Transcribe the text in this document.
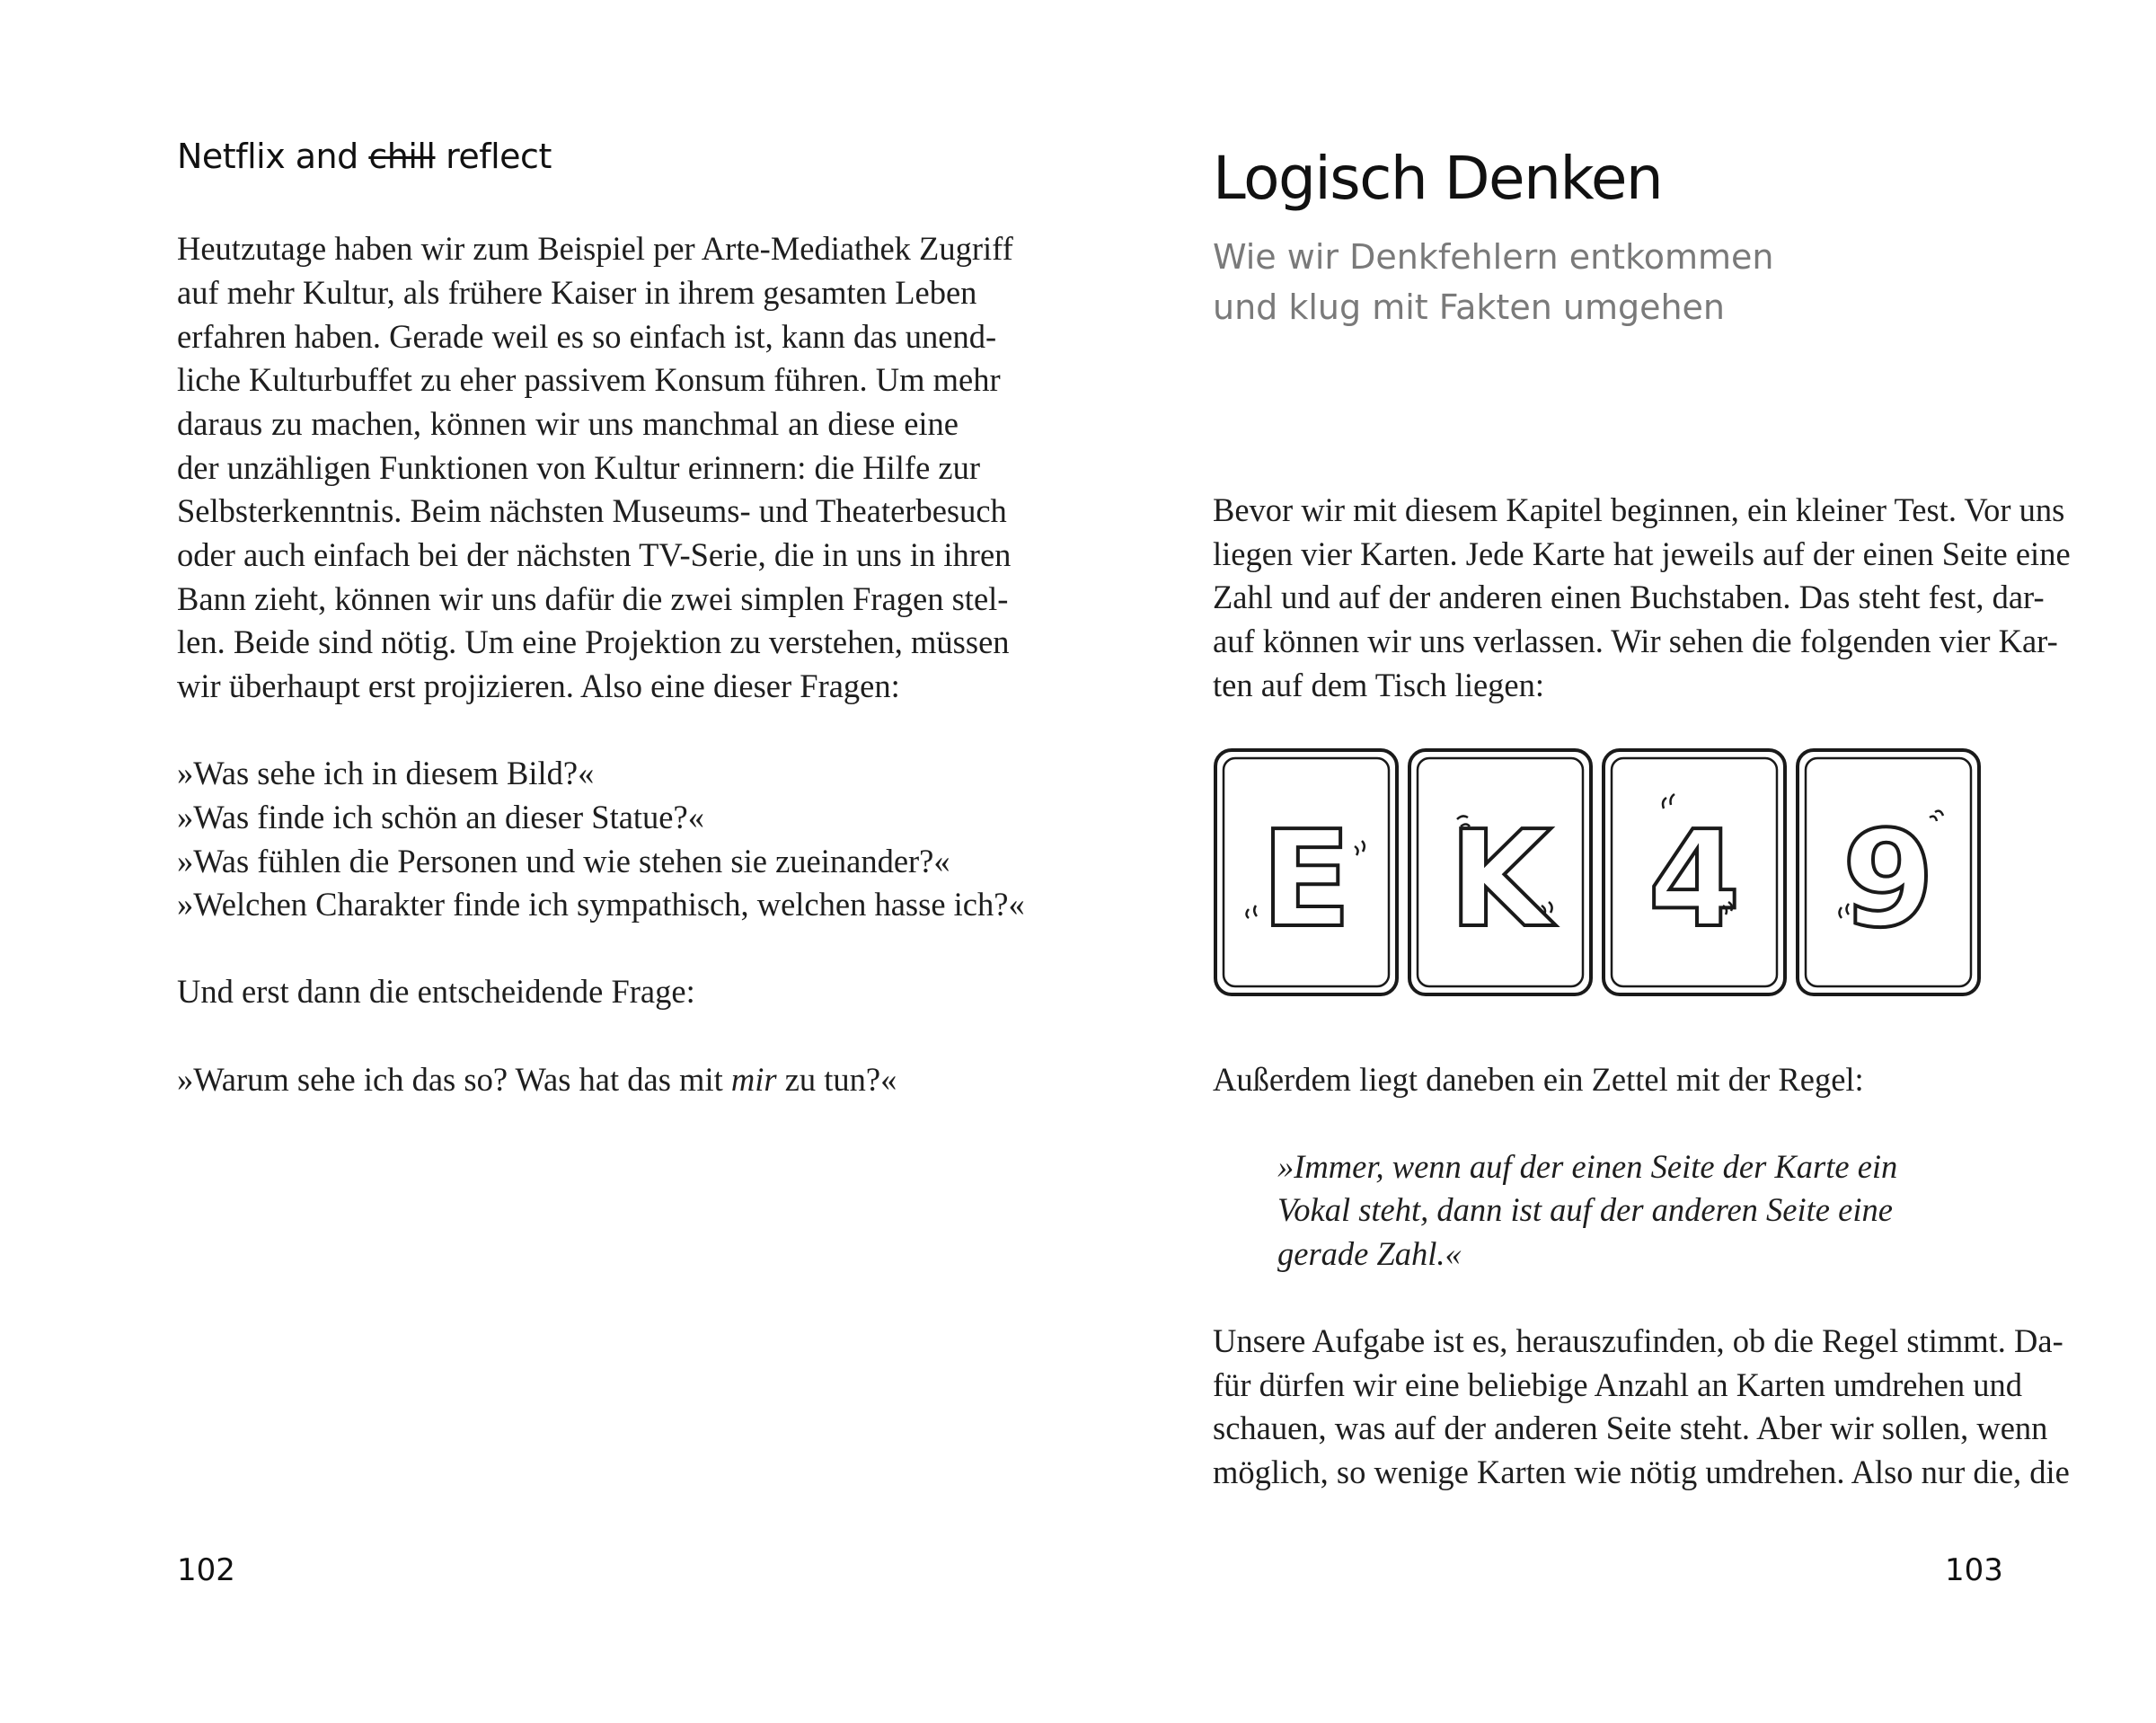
Netflix and chill reflect
Heutzutage haben wir zum Beispiel per Arte-Mediathek Zugriff
auf mehr Kultur, als frühere Kaiser in ihrem gesamten Leben
erfahren haben. Gerade weil es so einfach ist, kann das unend-
liche Kulturbuffet zu eher passivem Konsum führen. Um mehr
daraus zu machen, können wir uns manchmal an diese eine
der unzähligen Funktionen von Kultur erinnern: die Hilfe zur
Selbsterkenntnis. Beim nächsten Museums- und Theaterbesuch
oder auch einfach bei der nächsten TV-Serie, die in uns in ihren
Bann zieht, können wir uns dafür die zwei simplen Fragen stel-
len. Beide sind nötig. Um eine Projektion zu verstehen, müssen
wir überhaupt erst projizieren. Also eine dieser Fragen:
»Was sehe ich in diesem Bild?«
»Was finde ich schön an dieser Statue?«
»Was fühlen die Personen und wie stehen sie zueinander?«
»Welchen Charakter finde ich sympathisch, welchen hasse ich?«
Und erst dann die entscheidende Frage:
»Warum sehe ich das so? Was hat das mit mir zu tun?«
102
Logisch Denken
Wie wir Denkfehlern entkommen
und klug mit Fakten umgehen
Bevor wir mit diesem Kapitel beginnen, ein kleiner Test. Vor uns
liegen vier Karten. Jede Karte hat jeweils auf der einen Seite eine
Zahl und auf der anderen einen Buchstaben. Das steht fest, dar-
auf können wir uns verlassen. Wir sehen die folgenden vier Kar-
ten auf dem Tisch liegen:
E K 4 9
Außerdem liegt daneben ein Zettel mit der Regel:
»Immer, wenn auf der einen Seite der Karte ein
Vokal steht, dann ist auf der anderen Seite eine
gerade Zahl.«
Unsere Aufgabe ist es, herauszufinden, ob die Regel stimmt. Da-
für dürfen wir eine beliebige Anzahl an Karten umdrehen und
schauen, was auf der anderen Seite steht. Aber wir sollen, wenn
möglich, so wenige Karten wie nötig umdrehen. Also nur die, die
103
